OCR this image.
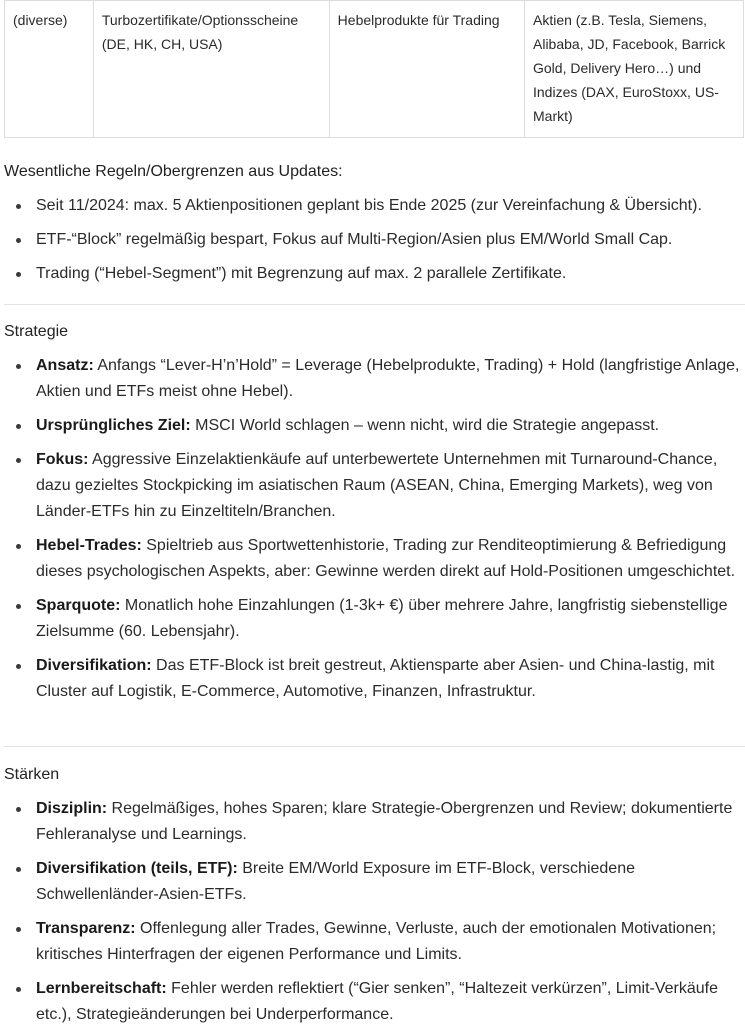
(diverse)	Turbozertifikate/Optionsscheine (DE, HK, CH, USA)	Hebelprodukte für Trading	Aktien (z.B. Tesla, Siemens, Alibaba, JD, Facebook, Barrick Gold, Delivery Hero…) und Indizes (DAX, EuroStoxx, US-Markt)
Wesentliche Regeln/Obergrenzen aus Updates:
Seit 11/2024: max. 5 Aktienpositionen geplant bis Ende 2025 (zur Vereinfachung & Übersicht).
ETF-“Block” regelmäßig bespart, Fokus auf Multi-Region/Asien plus EM/World Small Cap.
Trading (“Hebel-Segment”) mit Begrenzung auf max. 2 parallele Zertifikate.
Strategie
Ansatz: Anfangs “Lever-H’n’Hold” = Leverage (Hebelprodukte, Trading) + Hold (langfristige Anlage, Aktien und ETFs meist ohne Hebel).
Ursprüngliches Ziel: MSCI World schlagen – wenn nicht, wird die Strategie angepasst.
Fokus: Aggressive Einzelaktienkäufe auf unterbewertete Unternehmen mit Turnaround-Chance, dazu gezieltes Stockpicking im asiatischen Raum (ASEAN, China, Emerging Markets), weg von Länder-ETFs hin zu Einzeltiteln/Branchen.
Hebel-Trades: Spieltrieb aus Sportwettenhistorie, Trading zur Renditeoptimierung & Befriedigung dieses psychologischen Aspekts, aber: Gewinne werden direkt auf Hold-Positionen umgeschichtet.
Sparquote: Monatlich hohe Einzahlungen (1-3k+ €) über mehrere Jahre, langfristig siebenstellige Zielsumme (60. Lebensjahr).
Diversifikation: Das ETF-Block ist breit gestreut, Aktiensparte aber Asien- und China-lastig, mit Cluster auf Logistik, E-Commerce, Automotive, Finanzen, Infrastruktur.
Stärken
Disziplin: Regelmäßiges, hohes Sparen; klare Strategie-Obergrenzen und Review; dokumentierte Fehleranalyse und Learnings.
Diversifikation (teils, ETF): Breite EM/World Exposure im ETF-Block, verschiedene Schwellenländer-Asien-ETFs.
Transparenz: Offenlegung aller Trades, Gewinne, Verluste, auch der emotionalen Motivationen; kritisches Hinterfragen der eigenen Performance und Limits.
Lernbereitschaft: Fehler werden reflektiert (“Gier senken”, “Haltezeit verkürzen”, Limit-Verkäufe etc.), Strategieänderungen bei Underperformance.
